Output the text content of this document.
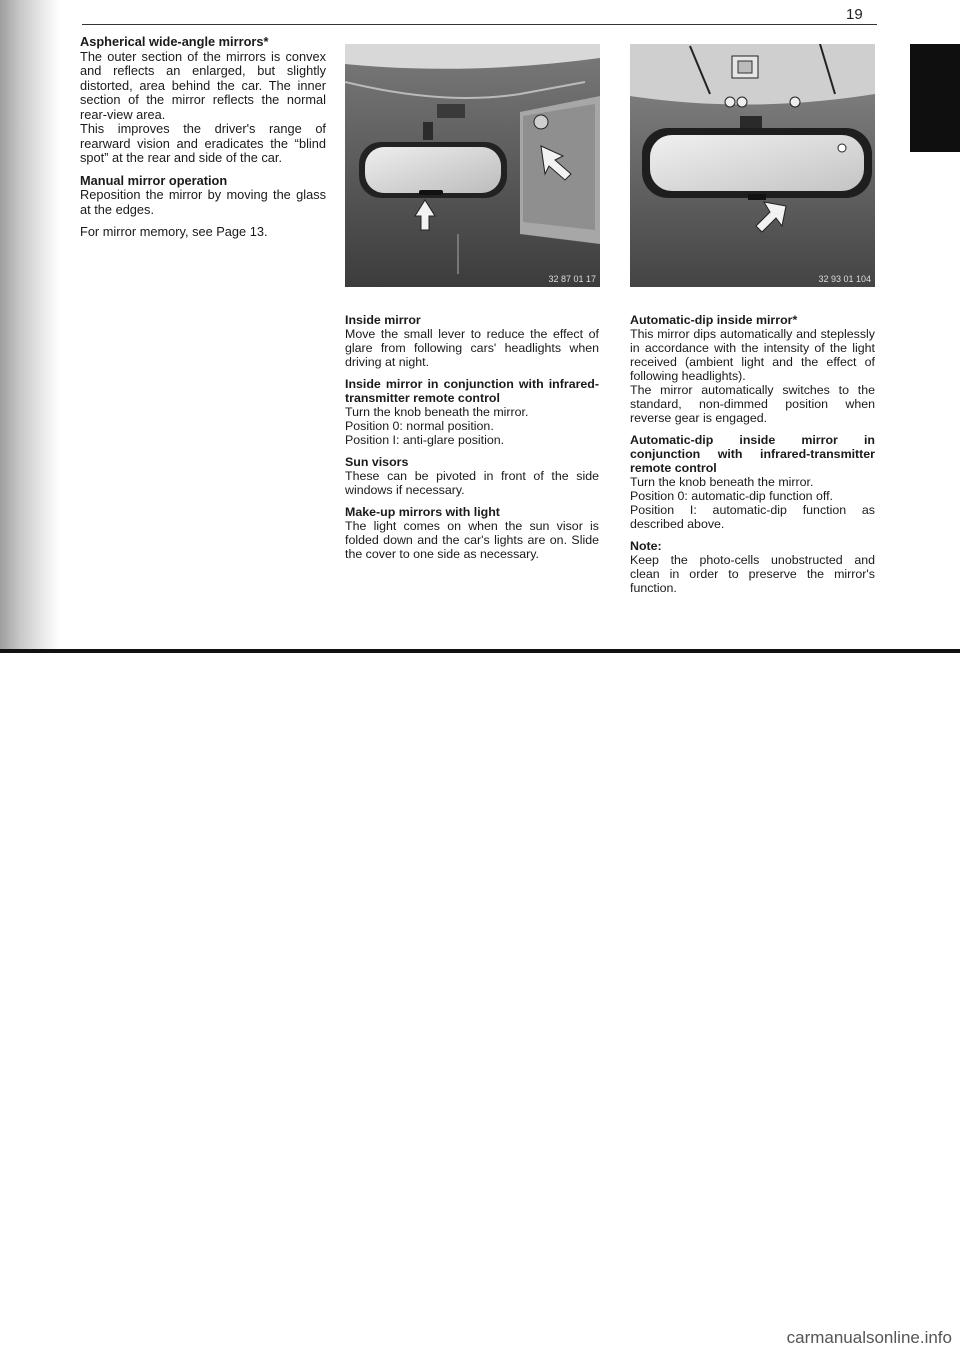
19

Aspherical wide-angle mirrors*
The outer section of the mirrors is convex and reflects an enlarged, but slightly distorted, area behind the car. The inner section of the mirror reflects the normal rear-view area.
This improves the driver's range of rearward vision and eradicates the “blind spot” at the rear and side of the car.

Manual mirror operation
Reposition the mirror by moving the glass at the edges.

For mirror memory, see Page 13.

32 87 01 17	32 93 01 104

Inside mirror
Move the small lever to reduce the effect of glare from following cars' headlights when driving at night.

Inside mirror in conjunction with infrared-transmitter remote control
Turn the knob beneath the mirror.
Position 0: normal position.
Position I: anti-glare position.

Sun visors
These can be pivoted in front of the side windows if necessary.

Make-up mirrors with light
The light comes on when the sun visor is folded down and the car's lights are on. Slide the cover to one side as necessary.

Automatic-dip inside mirror*
This mirror dips automatically and steplessly in accordance with the intensity of the light received (ambient light and the effect of following headlights).
The mirror automatically switches to the standard, non-dimmed position when reverse gear is engaged.

Automatic-dip inside mirror in conjunction with infrared-transmitter remote control
Turn the knob beneath the mirror.
Position 0: automatic-dip function off.
Position I: automatic-dip function as described above.

Note:
Keep the photo-cells unobstructed and clean in order to preserve the mirror's function.

carmanualsonline.info
